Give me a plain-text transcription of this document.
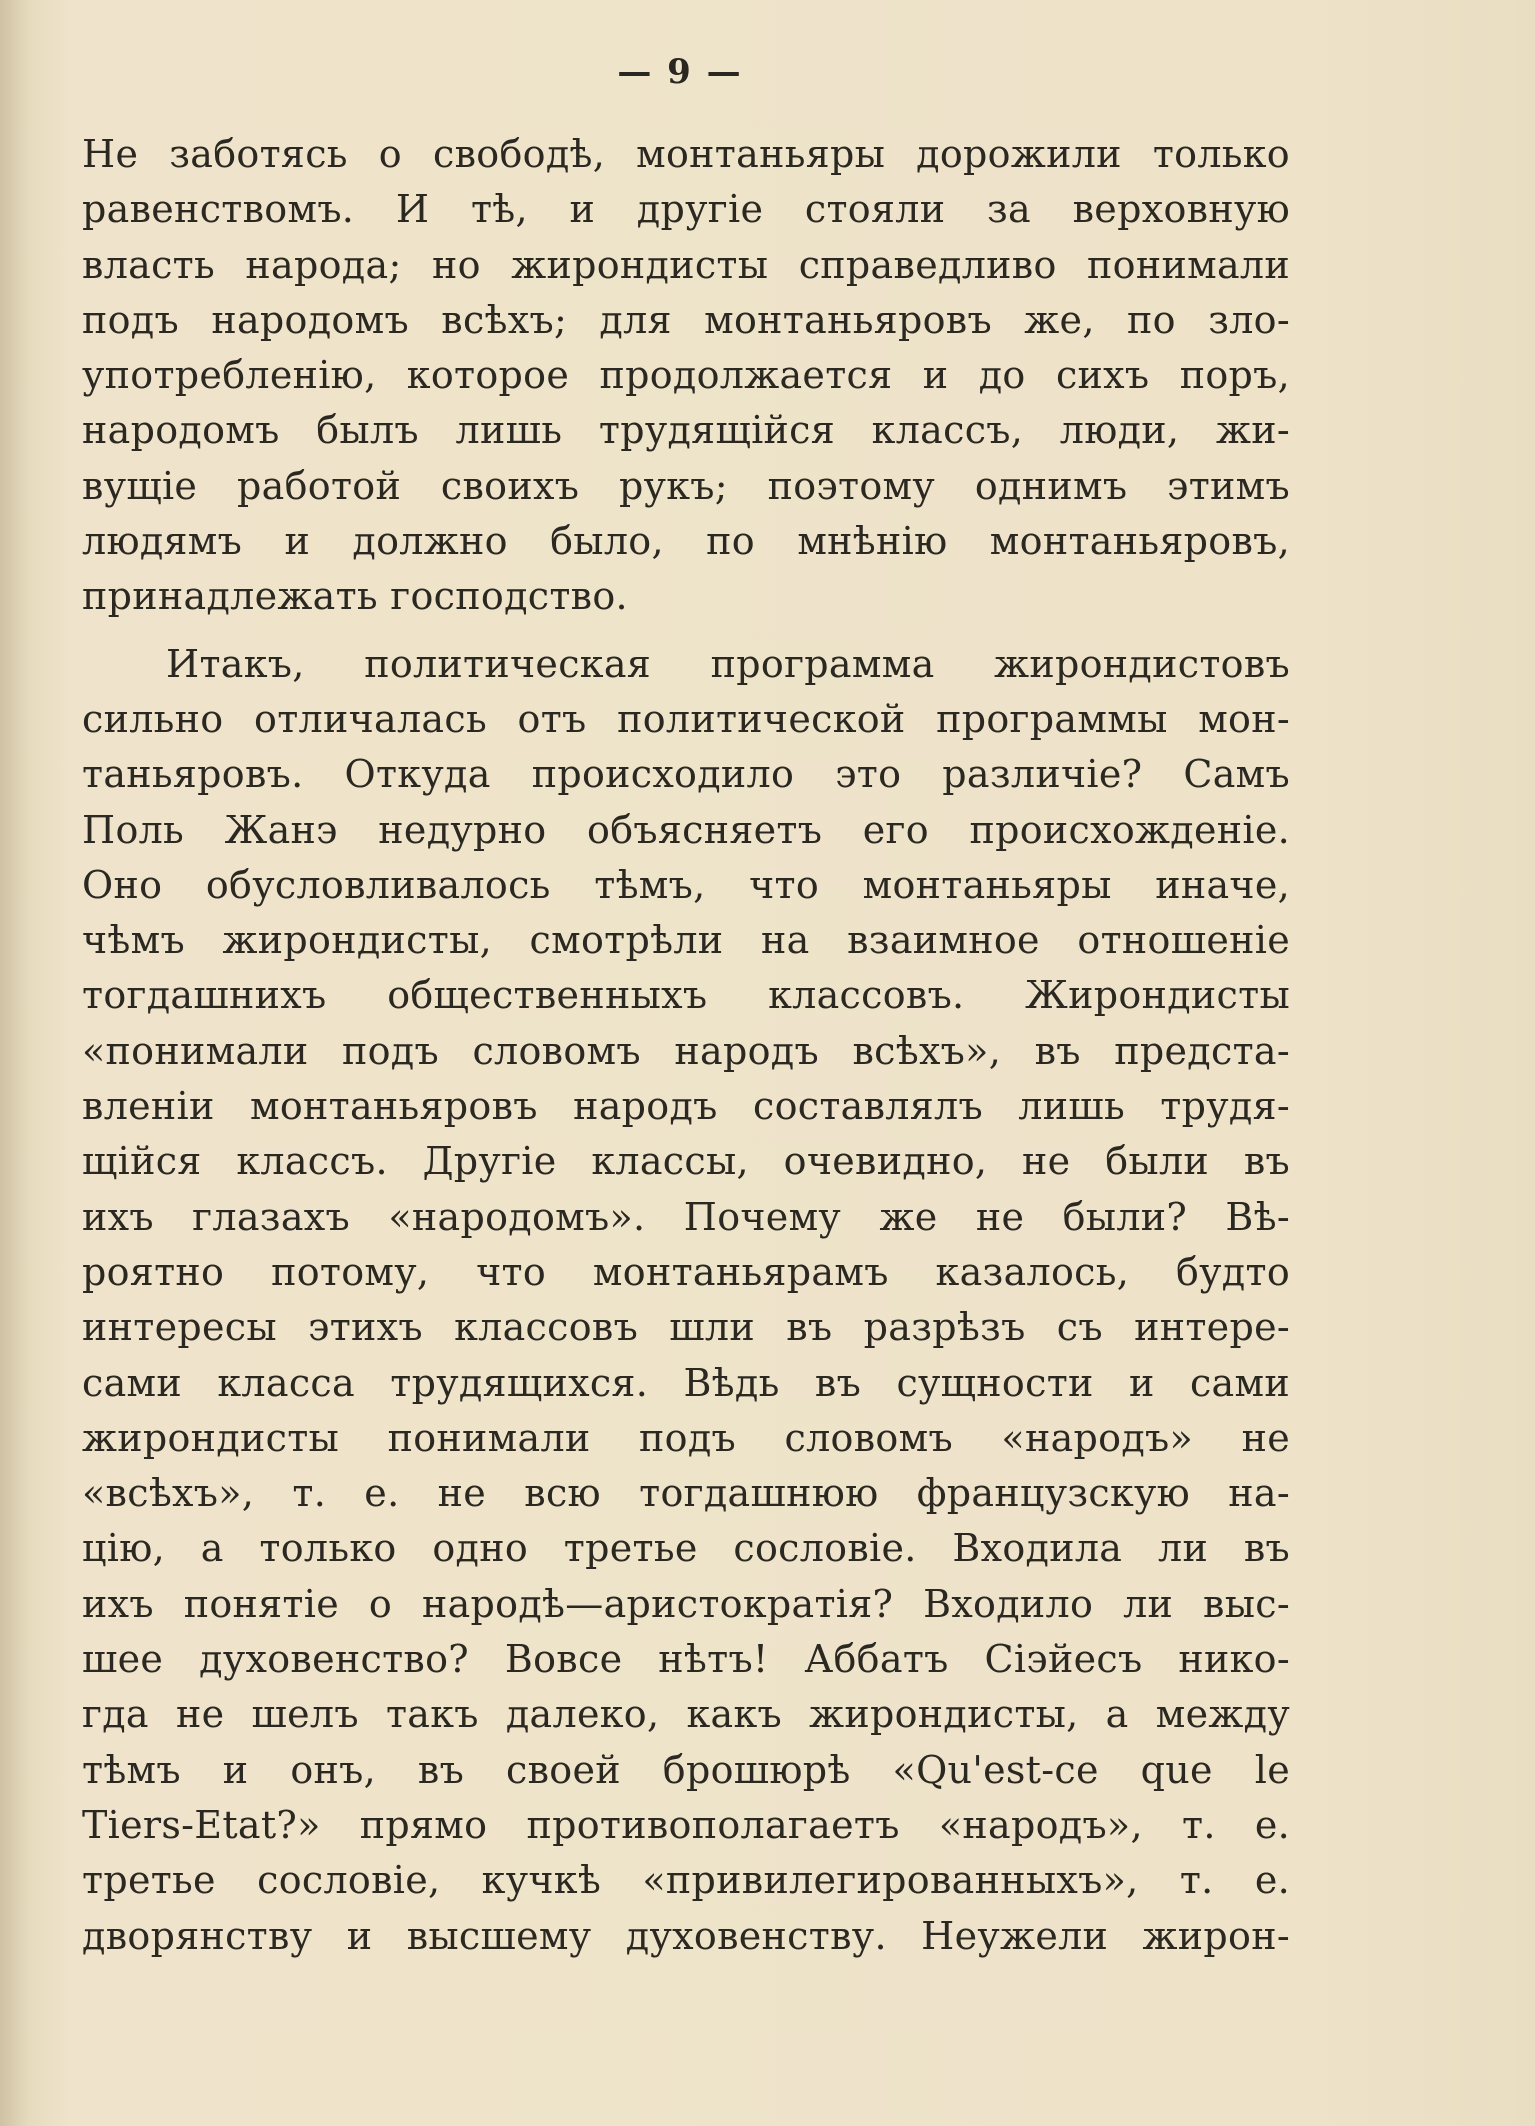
— 9 —
Не заботясь о свободѣ, монтаньяры дорожили только
равенствомъ. И тѣ, и другіе стояли за верховную
власть народа; но жирондисты справедливо понимали
подъ народомъ всѣхъ; для монтаньяровъ же, по зло-
употребленію, которое продолжается и до сихъ поръ,
народомъ былъ лишь трудящійся классъ, люди, жи-
вущіе работой своихъ рукъ; поэтому однимъ этимъ
людямъ и должно было, по мнѣнію монтаньяровъ,
принадлежать господство.
Итакъ, политическая программа жирондистовъ
сильно отличалась отъ политической программы мон-
таньяровъ. Откуда происходило это различіе? Самъ
Поль Жанэ недурно объясняетъ его происхожденіе.
Оно обусловливалось тѣмъ, что монтаньяры иначе,
чѣмъ жирондисты, смотрѣли на взаимное отношеніе
тогдашнихъ общественныхъ классовъ. Жирондисты
«понимали подъ словомъ народъ всѣхъ», въ предста-
вленіи монтаньяровъ народъ составлялъ лишь трудя-
щійся классъ. Другіе классы, очевидно, не были въ
ихъ глазахъ «народомъ». Почему же не были? Вѣ-
роятно потому, что монтаньярамъ казалось, будто
интересы этихъ классовъ шли въ разрѣзъ съ интере-
сами класса трудящихся. Вѣдь въ сущности и сами
жирондисты понимали подъ словомъ «народъ» не
«всѣхъ», т. е. не всю тогдашнюю французскую на-
цію, а только одно третье сословіе. Входила ли въ
ихъ понятіе о народѣ—аристократія? Входило ли выс-
шее духовенство? Вовсе нѣтъ! Аббатъ Сіэйесъ нико-
гда не шелъ такъ далеко, какъ жирондисты, а между
тѣмъ и онъ, въ своей брошюрѣ «Qu'est-ce que le
Tiers-Etat?» прямо противополагаетъ «народъ», т. е.
третье сословіе, кучкѣ «привилегированныхъ», т. е.
дворянству и высшему духовенству. Неужели жирон-
